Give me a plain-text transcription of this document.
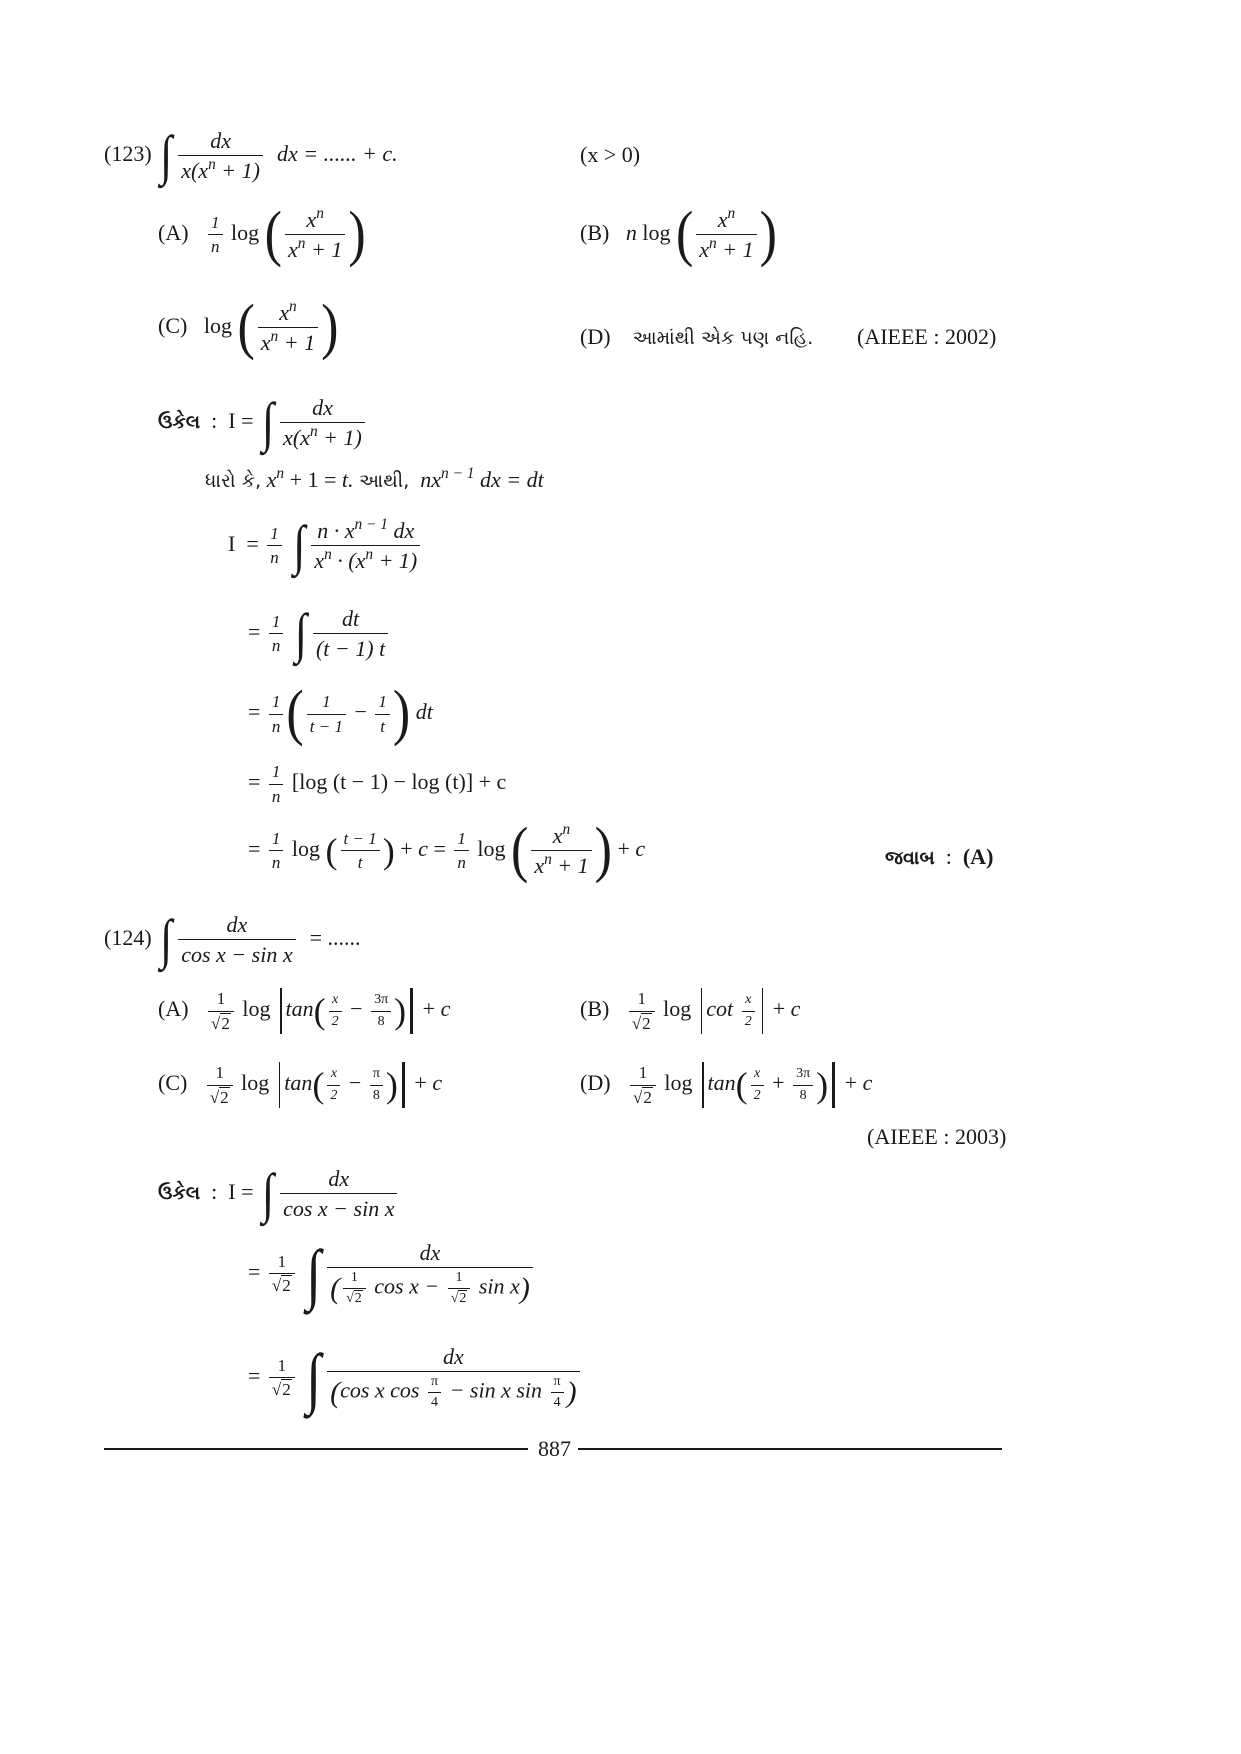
(123) ∫ $\frac{dx}{x(x^n + 1)}$ dx = ...... + c.	(x > 0)
$(A) \frac{1}{n}$ log ( $\frac{x^n}{x^n + 1}$ )	(B) n log ( $\frac{x^n}{x^n + 1}$ )
(C) log ( $\frac{x^n}{x^n + 1}$ )	(D) આમાંથી એક પણ નહિ. (AIEEE : 2002)
ઉકેલ  :  I = ∫ $\frac{dx}{x(x^n + 1)}$
ધારો કે, $x^n + 1 = t$. આથી, $nx^{n - 1}$ dx = dt
$I = \frac{1}{n}$ ∫ $\frac{n \cdot x^{n - 1} dx}{x^n \cdot (x^n + 1)}$
= $\frac{1}{n}$ ∫ $\frac{dt}{(t - 1) t}$
= $\frac{1}{n}$ ( $\frac{1}{t - 1} - \frac{1}{t}$ ) dt
= $\frac{1}{n} [\log$ (t − 1) − log (t)] + c
= $\frac{1}{n}$ log ( $\frac{t - 1}{t}$ ) + $c = \frac{1}{n}$ log ( $\frac{x^n}{x^n + 1}$ ) + c	જવાબ  :  (A)
(124) ∫ $\frac{dx}{\text{cos x − sin x}}$ = ......
$(A) \frac{1}{√2}$ $\log \tan( \frac{x}{2} - \frac{3\pi}{8}$ ) + c	$(B) \frac{1}{√2}$ $\log \cot \frac{x}{2} + c$
$(C) \frac{1}{√2}$ $\log \tan( \frac{x}{2} - \frac{\pi}{8}$ ) + c	$(D) \frac{1}{√2}$ $\log \tan( \frac{x}{2} + \frac{3\pi}{8}$ ) + c
(AIEEE : 2003)
ઉકેલ  :  I = ∫ $\frac{dx}{\text{cos x − sin x}}$
= $\frac{1}{√2}$ ∫ $\frac{dx}{( \frac{1}{√2} \cos x - \frac{1}{√2} \sin x)}$
= $\frac{1}{√2}$ ∫ $\frac{dx}{(\cos x \cos \frac{\pi}{4} - \sin x \sin \frac{\pi}{4} )}$
887
